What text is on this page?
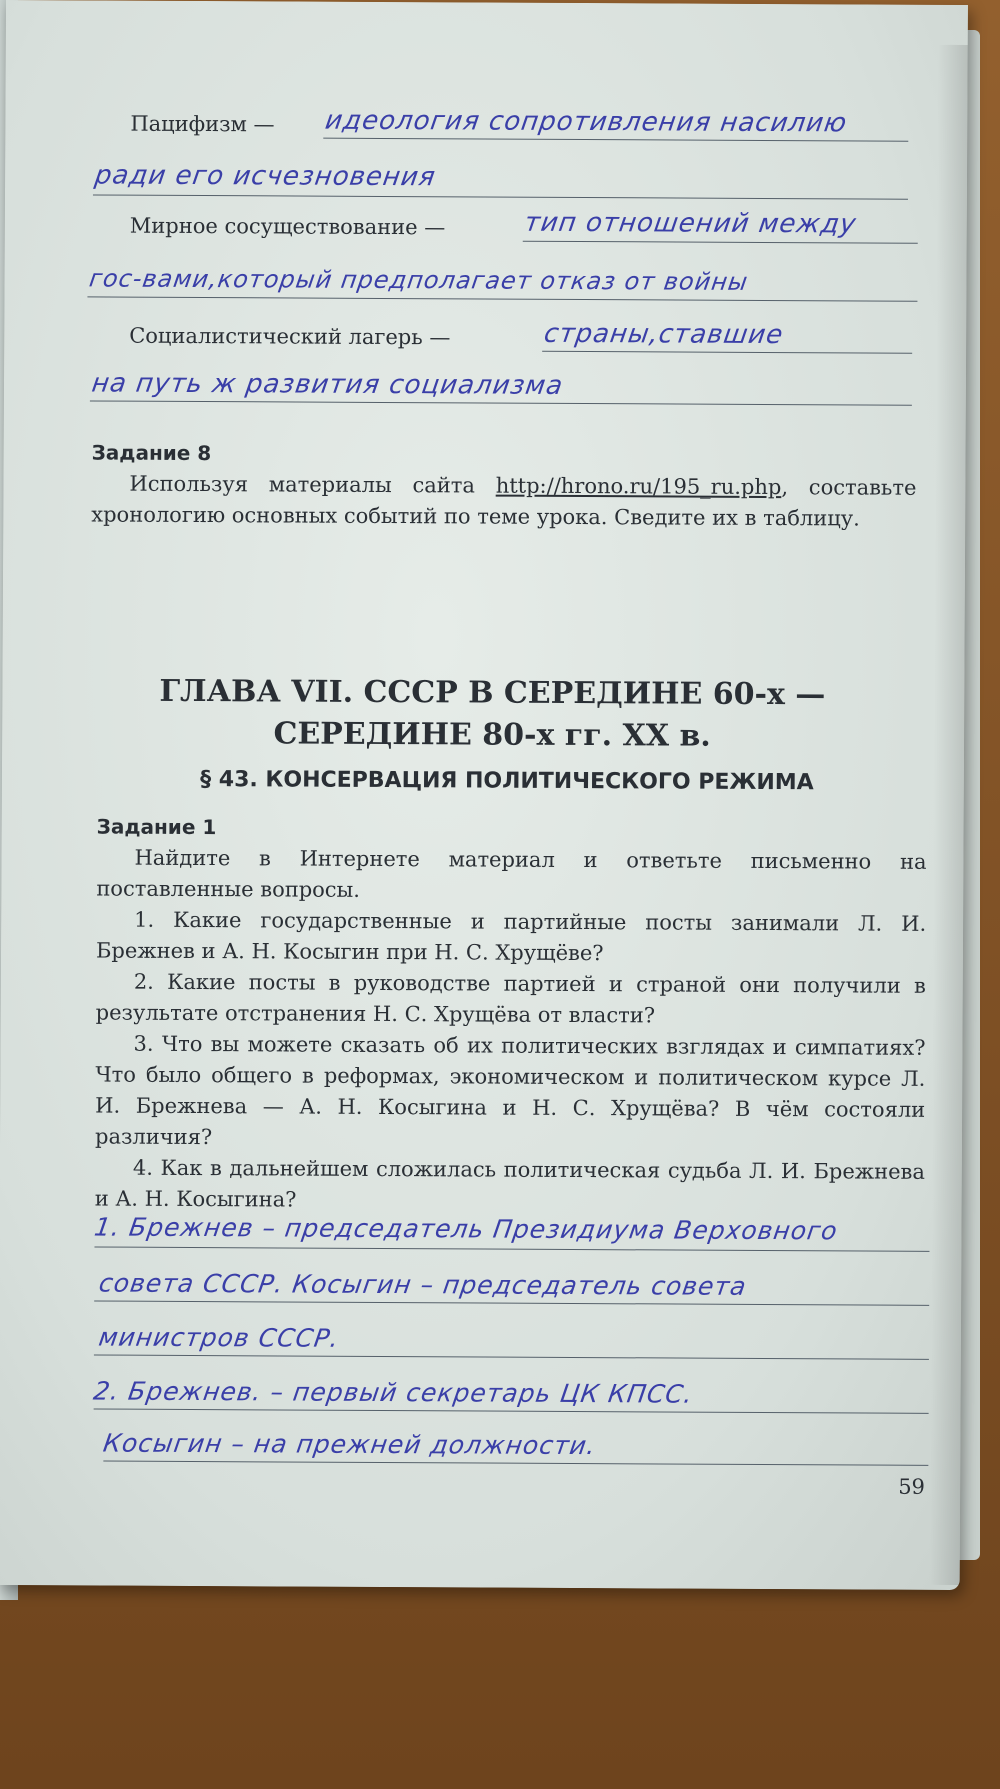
Пацифизм — идеология сопротивления насилию
ради его исчезновения
Мирное сосуществование —	тип отношений между
гос-вами,который предполагает отказ от войны
Социалистический лагерь —	страны,ставшие
на путь ж развития социализма
Задание 8
Используя материалы сайта http://hrono.ru/195_ru.php, составьте хронологию основных событий по теме урока. Сведите их в таблицу.
ГЛАВА VII. СССР В СЕРЕДИНЕ 60-х —
СЕРЕДИНЕ 80-х гг. XX в.
§ 43. КОНСЕРВАЦИЯ ПОЛИТИЧЕСКОГО РЕЖИМА
Задание 1
Найдите в Интернете материал и ответьте письменно на поставленные вопросы.
1. Какие государственные и партийные посты занимали Л. И. Брежнев и А. Н. Косыгин при Н. С. Хрущёве?
2. Какие посты в руководстве партией и страной они получили в результате отстранения Н. С. Хрущёва от власти?
3. Что вы можете сказать об их политических взглядах и симпатиях? Что было общего в реформах, экономическом и политическом курсе Л. И. Брежнева — А. Н. Косыгина и Н. С. Хрущёва? В чём состояли различия?
4. Как в дальнейшем сложилась политическая судьба Л. И. Брежнева и А. Н. Косыгина?
1. Брежнев – председатель Президиума Верховного
совета СССР. Косыгин – председатель совета
министров СССР.
2. Брежнев. – первый секретарь ЦК КПСС.
Косыгин – на прежней должности.
59
